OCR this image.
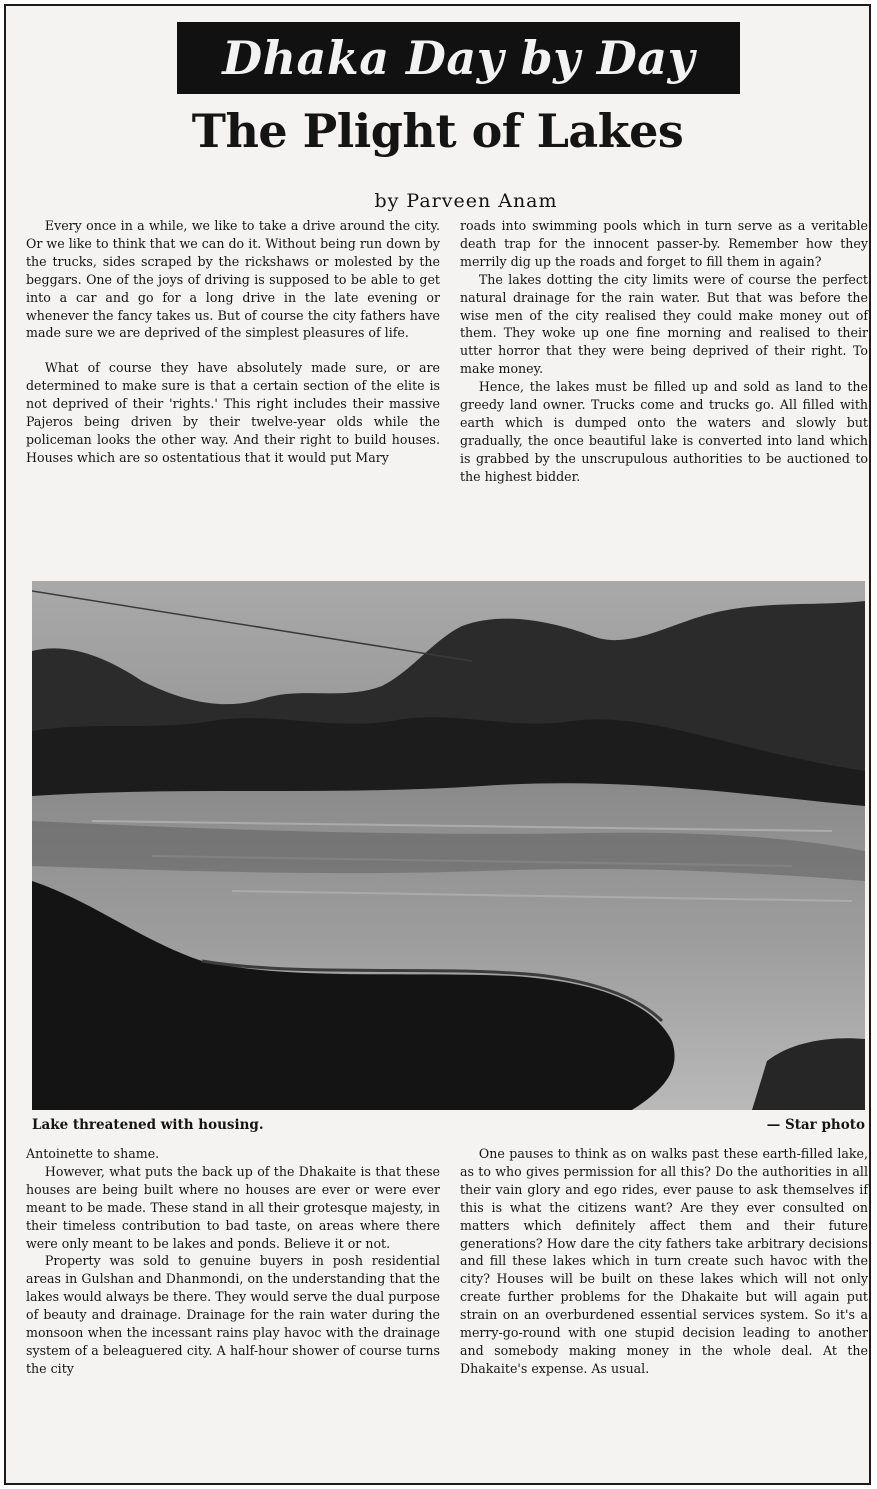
Dhaka Day by Day
The Plight of Lakes
by Parveen Anam

Every once in a while, we like to take a drive around the city. Or we like to think that we can do it. Without being run down by the trucks, sides scraped by the rickshaws or molested by the beggars. One of the joys of driving is supposed to be able to get into a car and go for a long drive in the late evening or whenever the fancy takes us. But of course the city fathers have made sure we are deprived of the simplest pleasures of life.

What of course they have absolutely made sure, or are determined to make sure is that a certain section of the elite is not deprived of their 'rights.' This right includes their massive Pajeros being driven by their twelve-year olds while the policeman looks the other way. And their right to build houses. Houses which are so ostentatious that it would put Mary

roads into swimming pools which in turn serve as a veritable death trap for the innocent passer-by. Remember how they merrily dig up the roads and forget to fill them in again?

The lakes dotting the city limits were of course the perfect natural drainage for the rain water. But that was before the wise men of the city realised they could make money out of them. They woke up one fine morning and realised to their utter horror that they were being deprived of their right. To make money.

Hence, the lakes must be filled up and sold as land to the greedy land owner. Trucks come and trucks go. All filled with earth which is dumped onto the waters and slowly but gradually, the once beautiful lake is converted into land which is grabbed by the unscrupulous authorities to be auctioned to the highest bidder.

Lake threatened with housing.	— Star photo

Antoinette to shame.

However, what puts the back up of the Dhakaite is that these houses are being built where no houses are ever or were ever meant to be made. These stand in all their grotesque majesty, in their timeless contribution to bad taste, on areas where there were only meant to be lakes and ponds. Believe it or not.

Property was sold to genuine buyers in posh residential areas in Gulshan and Dhanmondi, on the understanding that the lakes would always be there. They would serve the dual purpose of beauty and drainage. Drainage for the rain water during the monsoon when the incessant rains play havoc with the drainage system of a beleaguered city. A half-hour shower of course turns the city

One pauses to think as on walks past these earth-filled lake, as to who gives permission for all this? Do the authorities in all their vain glory and ego rides, ever pause to ask themselves if this is what the citizens want? Are they ever consulted on matters which definitely affect them and their future generations? How dare the city fathers take arbitrary decisions and fill these lakes which in turn create such havoc with the city? Houses will be built on these lakes which will not only create further problems for the Dhakaite but will again put strain on an overburdened essential services system. So it's a merry-go-round with one stupid decision leading to another and somebody making money in the whole deal. At the Dhakaite's expense. As usual.
